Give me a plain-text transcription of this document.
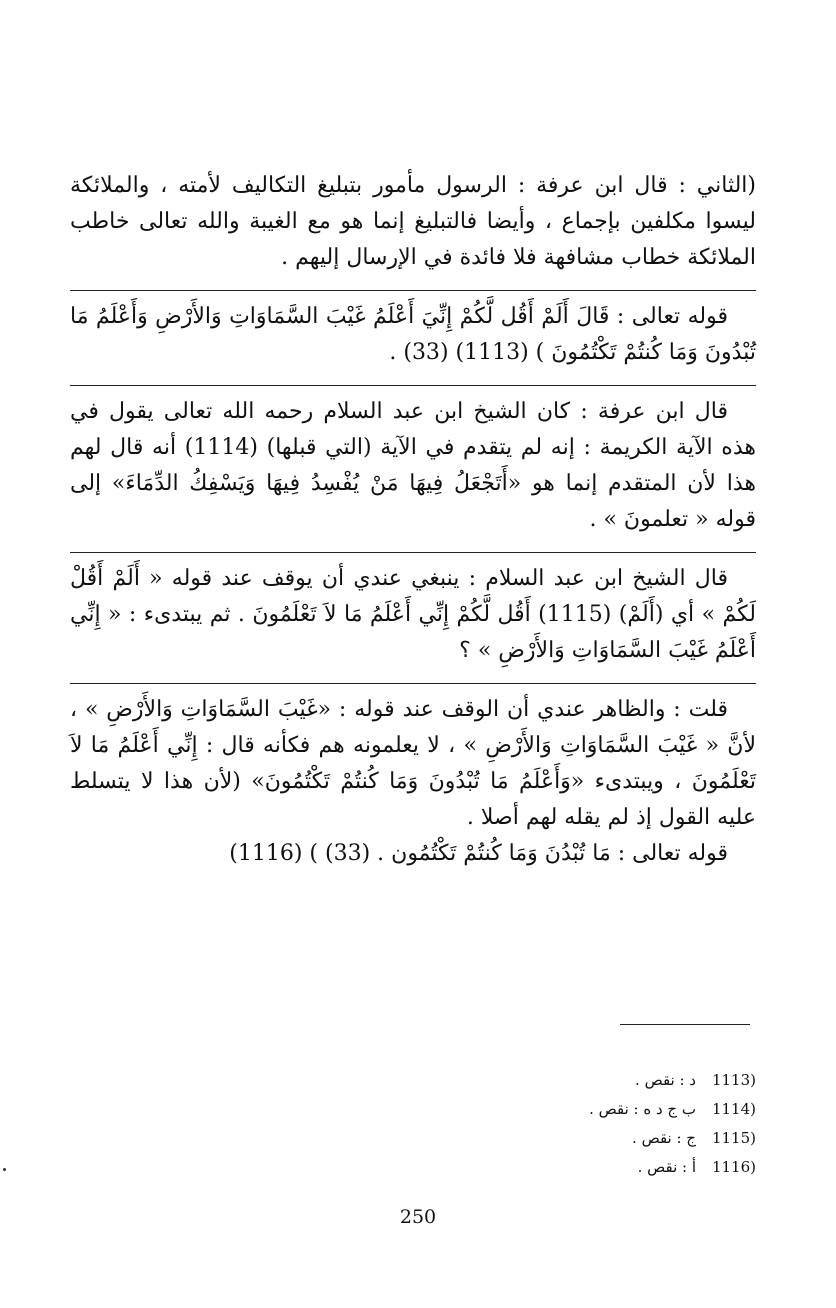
(الثاني : قال ابن عرفة : الرسول مأمور بتبليغ التكاليف لأمته ، والملائكة ليسوا مكلفين بإجماع ، وأيضا فالتبليغ إنما هو مع الغيبة والله تعالى خاطب الملائكة خطاب مشافهة فلا فائدة في الإرسال إليهم .

قوله تعالى : قَالَ أَلَمْ أَقُل لَّكُمْ إِنِّيَ أَعْلَمُ غَيْبَ السَّمَاوَاتِ وَالأَرْضِ وَأَعْلَمُ مَا تُبْدُونَ وَمَا كُنتُمْ تَكْتُمُونَ ) (1113) (33) .

قال ابن عرفة : كان الشيخ ابن عبد السلام رحمه الله تعالى يقول في هذه الآية الكريمة : إنه لم يتقدم في الآية (التي قبلها) (1114) أنه قال لهم هذا لأن المتقدم إنما هو «أَتَجْعَلُ فِيهَا مَنْ يُفْسِدُ فِيهَا وَيَسْفِكُ الدِّمَاءَ» إلى قوله « تعلمونَ » .

قال الشيخ ابن عبد السلام : ينبغي عندي أن يوقف عند قوله « أَلَمْ أَقُلْ لَكُمْ » أي (أَلَمْ) (1115) أَقُل لَّكُمْ إِنِّي أَعْلَمُ مَا لاَ تَعْلَمُونَ . ثم يبتدىء : « إِنِّي أَعْلَمُ غَيْبَ السَّمَاوَاتِ وَالأَرْضِ » ؟

قلت : والظاهر عندي أن الوقف عند قوله : «غَيْبَ السَّمَاوَاتِ وَالأَرْضِ » ، لأنَّ « غَيْبَ السَّمَاوَاتِ وَالأَرْضِ » ، لا يعلمونه هم فكأنه قال : إِنِّي أَعْلَمُ مَا لاَ تَعْلَمُونَ ، ويبتدىء «وَأَعْلَمُ مَا تُبْدُونَ وَمَا كُنتُمْ تَكْتُمُونَ» (لأن هذا لا يتسلط عليه القول إذ لم يقله لهم أصلا .

قوله تعالى : مَا تُبْدُنَ وَمَا كُنتُمْ تَكْتُمُون . (33) ) (1116)

(1113د : نقص .
(1114ب ج د ه : نقص .
(1115ج : نقص .
(1116أ : نقص .
250
